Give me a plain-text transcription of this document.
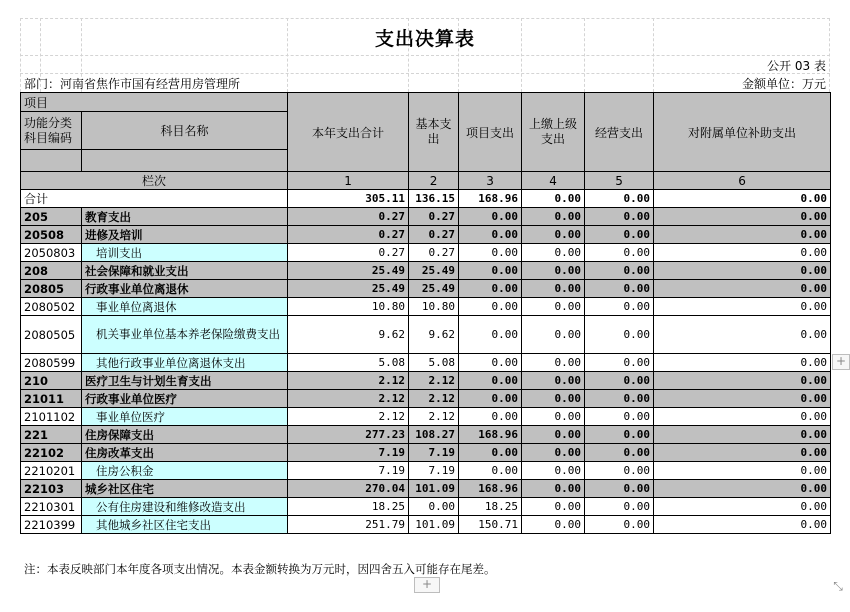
支出决算表
公开 03 表
部门：河南省焦作市国有经营用房管理所	金额单位：万元
项目		本年支出合计	基本支出	项目支出	上缴上级支出	经营支出	对附属单位补助支出
功能分类科目编码	科目名称						

栏次		1	2	3	4	5	6
合计		305.11	136.15	168.96	0.00	0.00	0.00
205	教育支出	0.27	0.27	0.00	0.00	0.00	0.00
20508	进修及培训	0.27	0.27	0.00	0.00	0.00	0.00
2050803	培训支出	0.27	0.27	0.00	0.00	0.00	0.00
208	社会保障和就业支出	25.49	25.49	0.00	0.00	0.00	0.00
20805	行政事业单位离退休	25.49	25.49	0.00	0.00	0.00	0.00
2080502	事业单位离退休	10.80	10.80	0.00	0.00	0.00	0.00
2080505	机关事业单位基本养老保险缴费支出	9.62	9.62	0.00	0.00	0.00	0.00
2080599	其他行政事业单位离退休支出	5.08	5.08	0.00	0.00	0.00	0.00
210	医疗卫生与计划生育支出	2.12	2.12	0.00	0.00	0.00	0.00
21011	行政事业单位医疗	2.12	2.12	0.00	0.00	0.00	0.00
2101102	事业单位医疗	2.12	2.12	0.00	0.00	0.00	0.00
221	住房保障支出	277.23	108.27	168.96	0.00	0.00	0.00
22102	住房改革支出	7.19	7.19	0.00	0.00	0.00	0.00
2210201	住房公积金	7.19	7.19	0.00	0.00	0.00	0.00
22103	城乡社区住宅	270.04	101.09	168.96	0.00	0.00	0.00
2210301	公有住房建设和维修改造支出	18.25	0.00	18.25	0.00	0.00	0.00
2210399	其他城乡社区住宅支出	251.79	101.09	150.71	0.00	0.00	0.00
注：本表反映部门本年度各项支出情况。本表金额转换为万元时，因四舍五入可能存在尾差。
+
+
⤡
